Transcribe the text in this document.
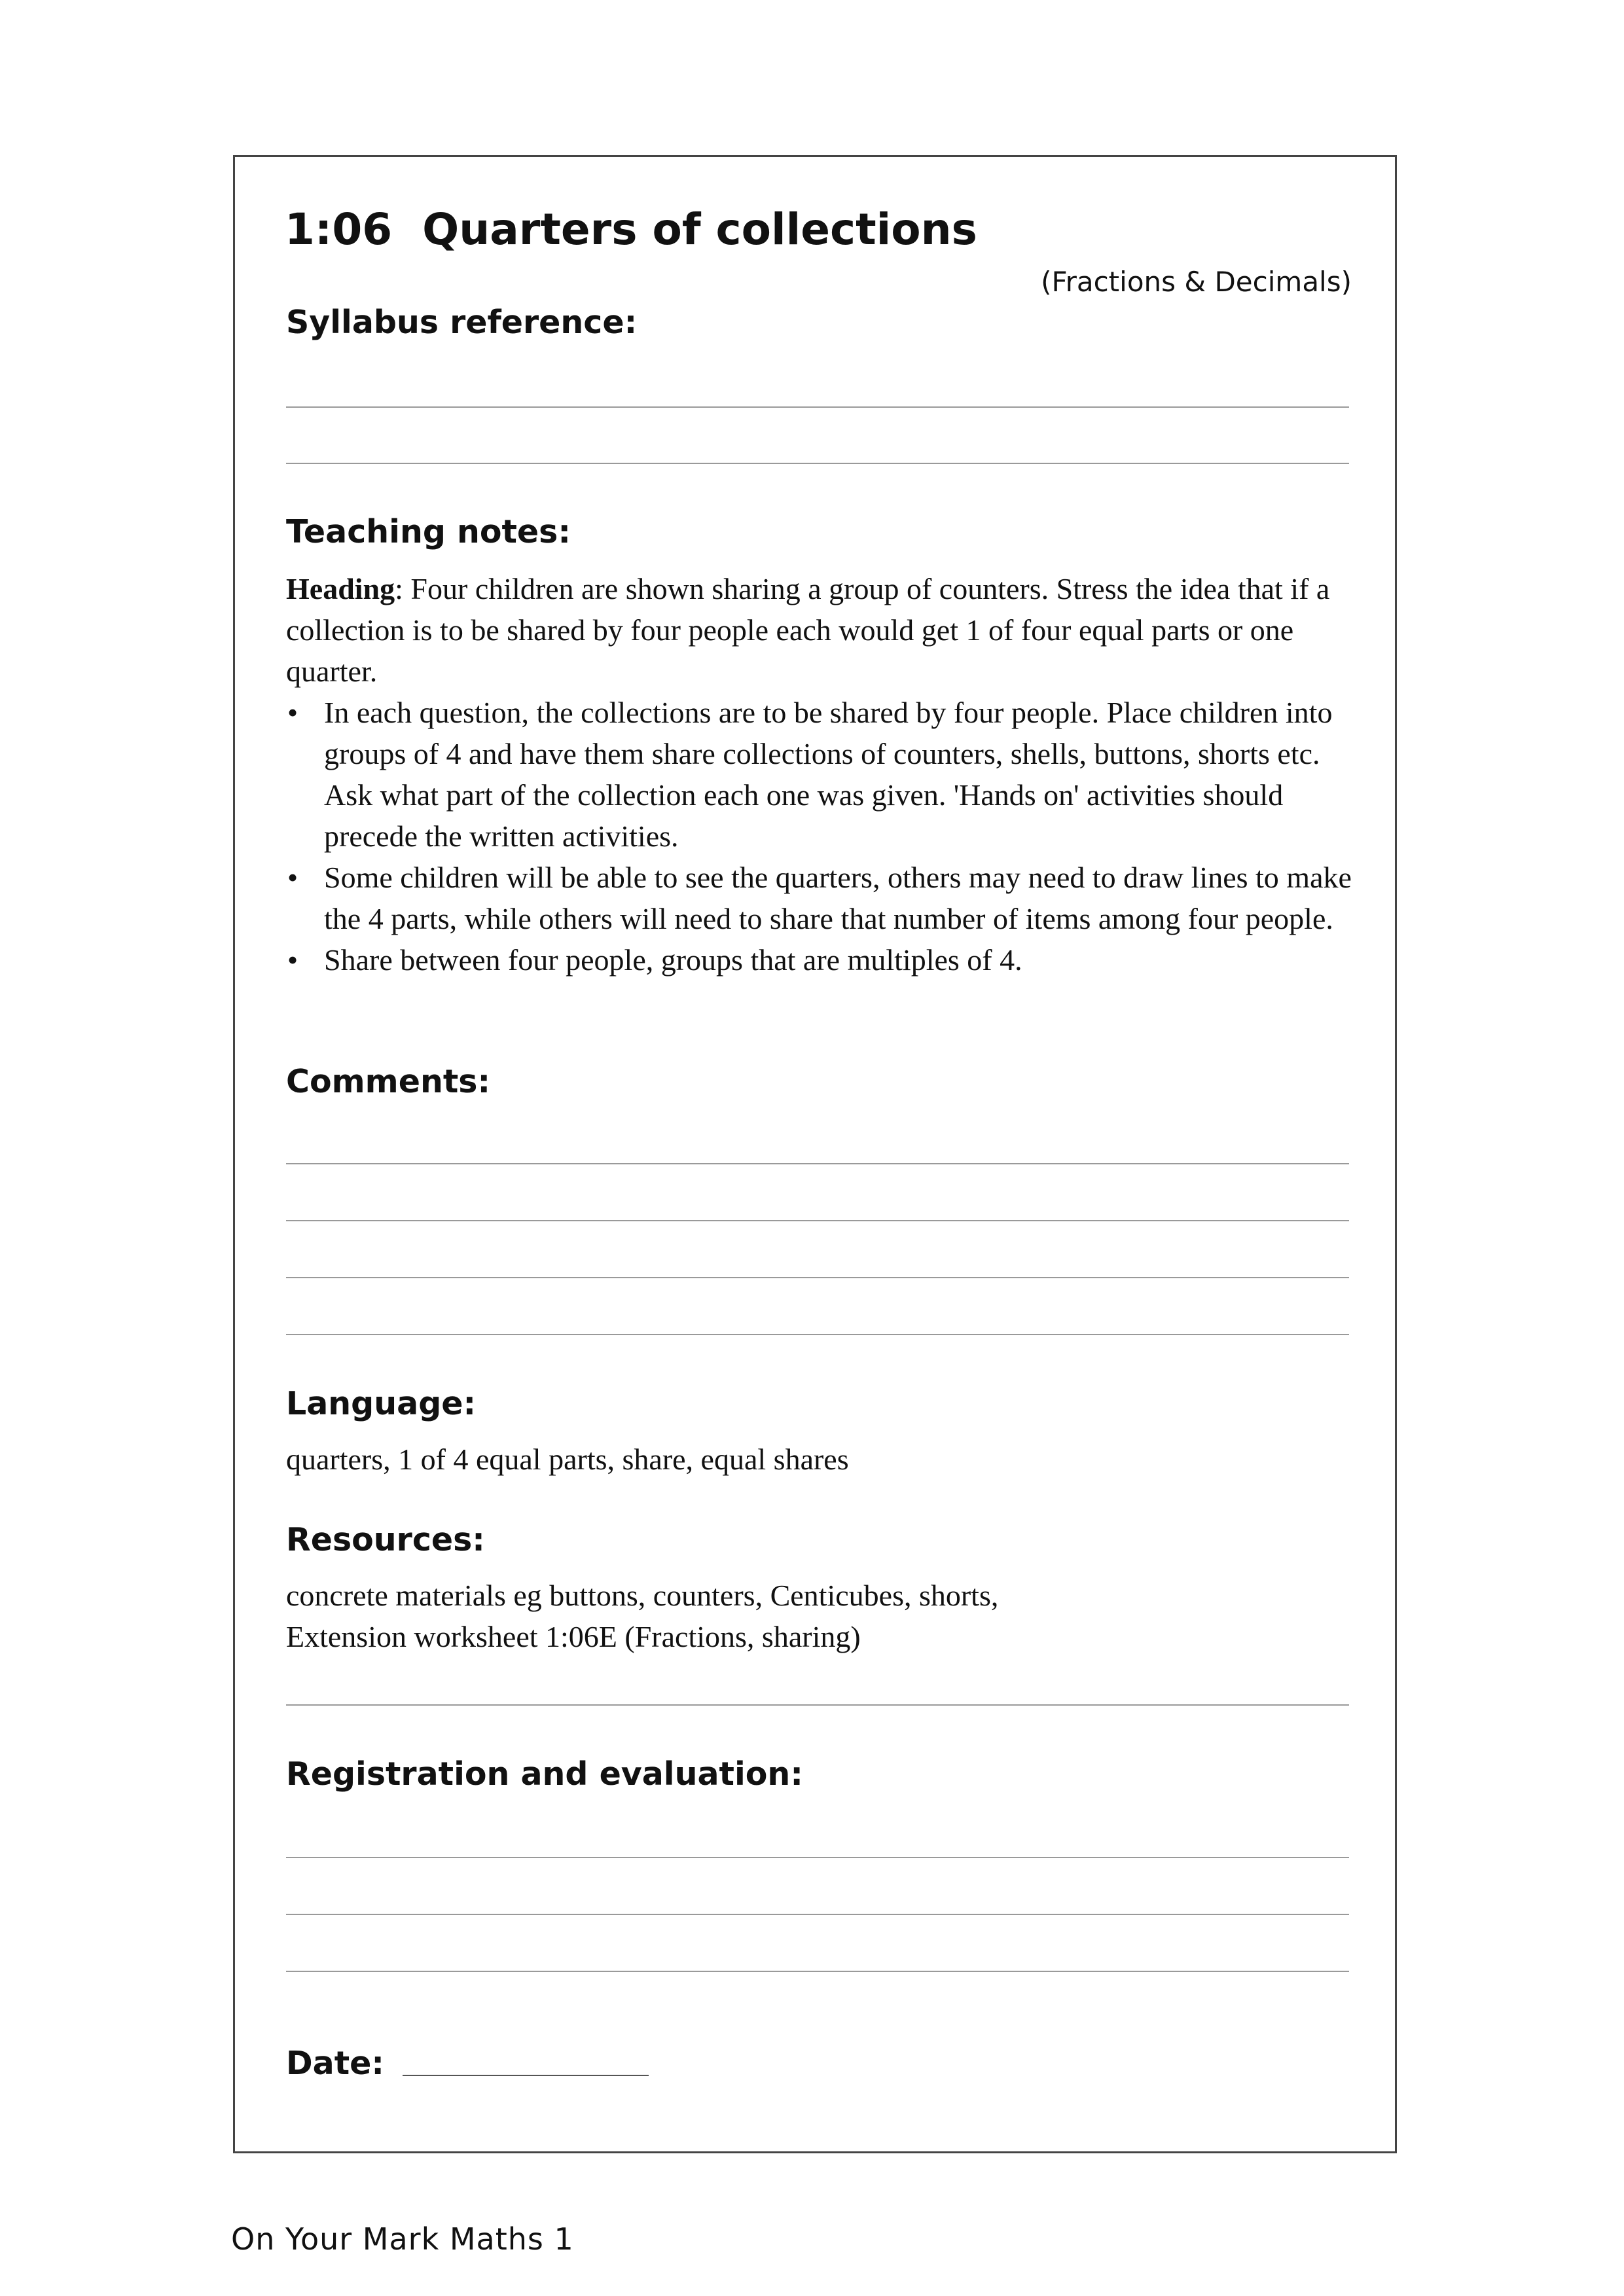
1:06 Quarters of collections
(Fractions & Decimals)
Syllabus reference:
Teaching notes:

Heading: Four children are shown sharing a group of counters. Stress the idea that if a collection is to be shared by four people each would get 1 of four equal parts or one quarter.

• In each question, the collections are to be shared by four people. Place children into groups of 4 and have them share collections of counters, shells, buttons, shorts etc. Ask what part of the collection each one was given. 'Hands on' activities should precede the written activities.
• Some children will be able to see the quarters, others may need to draw lines to make the 4 parts, while others will need to share that number of items among four people.
• Share between four people, groups that are multiples of 4.
Comments:
Language:
quarters, 1 of 4 equal parts, share, equal shares
Resources:
concrete materials eg buttons, counters, Centicubes, shorts,
Extension worksheet 1:06E (Fractions, sharing)
Registration and evaluation:
Date:
On Your Mark Maths 1
